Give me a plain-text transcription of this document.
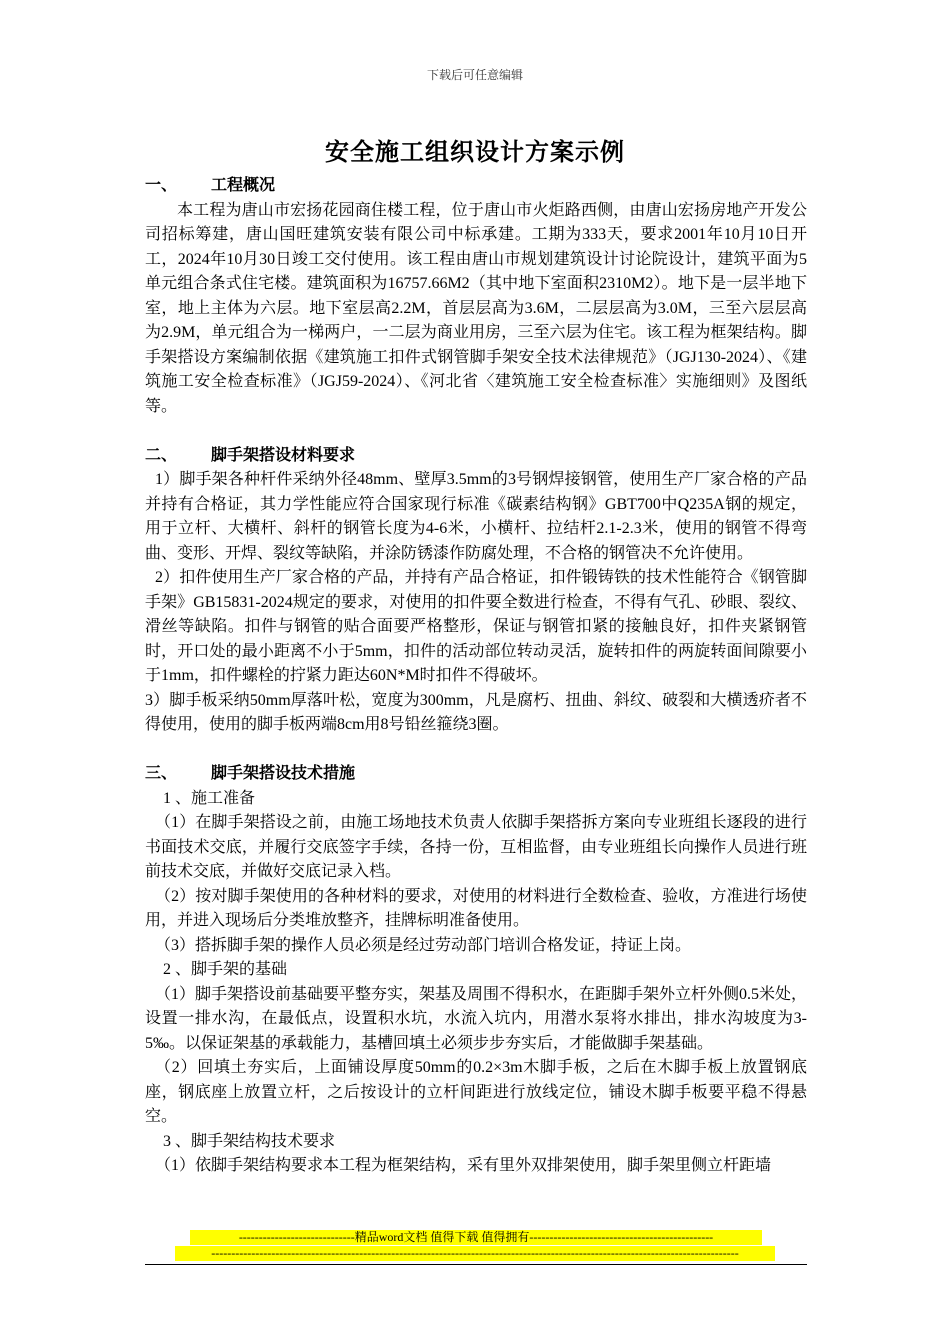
下载后可任意编辑
安全施工组织设计方案示例
一、	工程概况

本工程为唐山市宏扬花园商住楼工程，位于唐山市火炬路西侧，由唐山宏扬房地产开发公司招标筹建，唐山国旺建筑安装有限公司中标承建。工期为333天，要求2001年10月10日开工，2024年10月30日竣工交付使用。该工程由唐山市规划建筑设计讨论院设计，建筑平面为5单元组合条式住宅楼。建筑面积为16757.66M2（其中地下室面积2310M2）。地下是一层半地下室，地上主体为六层。地下室层高2.2M，首层层高为3.6M，二层层高为3.0M，三至六层层高为2.9M，单元组合为一梯两户，一二层为商业用房，三至六层为住宅。该工程为框架结构。脚手架搭设方案编制依据《建筑施工扣件式钢管脚手架安全技术法律规范》（JGJ130-2024）、《建筑施工安全检查标准》（JGJ59-2024）、《河北省〈建筑施工安全检查标准〉实施细则》及图纸等。

二、	脚手架搭设材料要求

1）脚手架各种杆件采纳外径48mm、壁厚3.5mm的3号钢焊接钢管，使用生产厂家合格的产品并持有合格证，其力学性能应符合国家现行标准《碳素结构钢》GBT700中Q235A钢的规定，用于立杆、大横杆、斜杆的钢管长度为4-6米，小横杆、拉结杆2.1-2.3米，使用的钢管不得弯曲、变形、开焊、裂纹等缺陷，并涂防锈漆作防腐处理，不合格的钢管决不允许使用。

2）扣件使用生产厂家合格的产品，并持有产品合格证，扣件锻铸铁的技术性能符合《钢管脚手架》GB15831-2024规定的要求，对使用的扣件要全数进行检查，不得有气孔、砂眼、裂纹、滑丝等缺陷。扣件与钢管的贴合面要严格整形，保证与钢管扣紧的接触良好，扣件夹紧钢管时，开口处的最小距离不小于5mm，扣件的活动部位转动灵活，旋转扣件的两旋转面间隙要小于1mm，扣件螺栓的拧紧力距达60N*M时扣件不得破坏。

3）脚手板采纳50mm厚落叶松，宽度为300mm，凡是腐朽、扭曲、斜纹、破裂和大横透疥者不得使用，使用的脚手板两端8cm用8号铅丝箍绕3圈。

三、	脚手架搭设技术措施

1 、施工准备

（1）在脚手架搭设之前，由施工场地技术负责人依脚手架搭拆方案向专业班组长逐段的进行书面技术交底，并履行交底签字手续，各持一份，互相监督，由专业班组长向操作人员进行班前技术交底，并做好交底记录入档。

（2）按对脚手架使用的各种材料的要求，对使用的材料进行全数检查、验收，方准进行场使用，并进入现场后分类堆放整齐，挂牌标明准备使用。

（3）搭拆脚手架的操作人员必须是经过劳动部门培训合格发证，持证上岗。

2 、脚手架的基础

（1）脚手架搭设前基础要平整夯实，架基及周围不得积水，在距脚手架外立杆外侧0.5米处，设置一排水沟，在最低点，设置积水坑，水流入坑内，用潜水泵将水排出，排水沟坡度为3-5‰。以保证架基的承载能力，基槽回填土必须步步夯实后，才能做脚手架基础。

（2）回填土夯实后，上面铺设厚度50mm的0.2×3m木脚手板，之后在木脚手板上放置钢底座，钢底座上放置立杆，之后按设计的立杆间距进行放线定位，铺设木脚手板要平稳不得悬空。

3 、脚手架结构技术要求

（1）依脚手架结构要求本工程为框架结构，采有里外双排架使用，脚手架里侧立杆距墙

-----------------------------精品word文档 值得下载 值得拥有----------------------------------------------
------------------------------------------------------------------------------------------------------------------------------------
